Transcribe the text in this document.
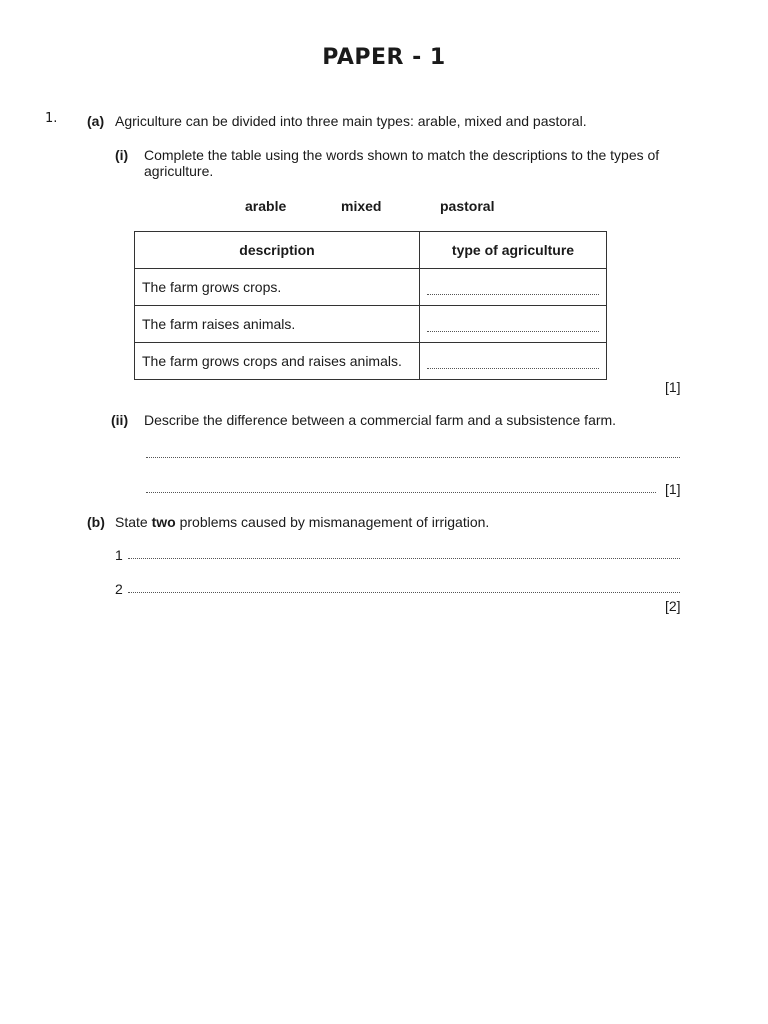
PAPER - 1
1. (a) Agriculture can be divided into three main types: arable, mixed and pastoral.
(i) Complete the table using the words shown to match the descriptions to the types of
agriculture.
arable	mixed	pastoral
description	type of agriculture
The farm grows crops.	

The farm raises animals.	

The farm grows crops and raises animals.	
[1]
(ii) Describe the difference between a commercial farm and a subsistence farm.
[1]
(b) State two problems caused by mismanagement of irrigation.
1
2
[2]
